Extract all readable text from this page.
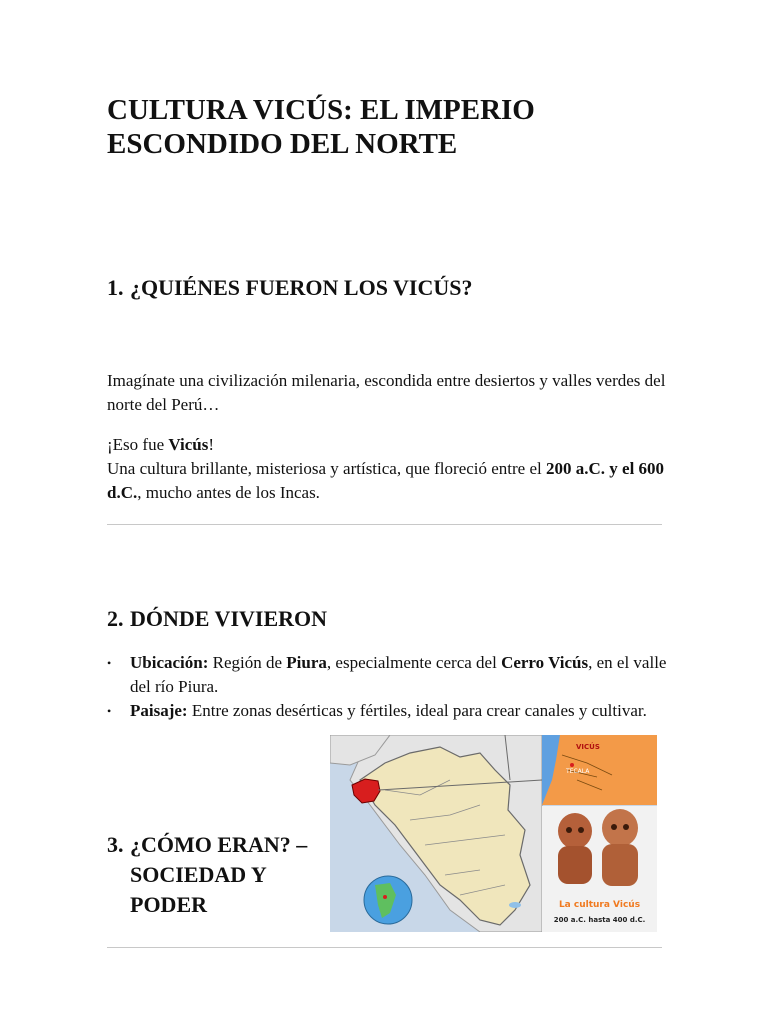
CULTURA VICÚS: EL IMPERIO ESCONDIDO DEL NORTE
1. ¿QUIÉNES FUERON LOS VICÚS?

Imagínate una civilización milenaria, escondida entre desiertos y valles verdes del norte del Perú…

¡Eso fue Vicús!
Una cultura brillante, misteriosa y artística, que floreció entre el 200 a.C. y el 600 d.C., mucho antes de los Incas.

2. DÓNDE VIVIERON
• Ubicación: Región de Piura, especialmente cerca del Cerro Vicús, en el valle del río Piura.
• Paisaje: Entre zonas desérticas y fértiles, ideal para crear canales y cultivar.
VICÚS
TECALA
La cultura Vicús
200 a.C. hasta 400 d.C.
3. ¿CÓMO ERAN? – SOCIEDAD Y PODER
